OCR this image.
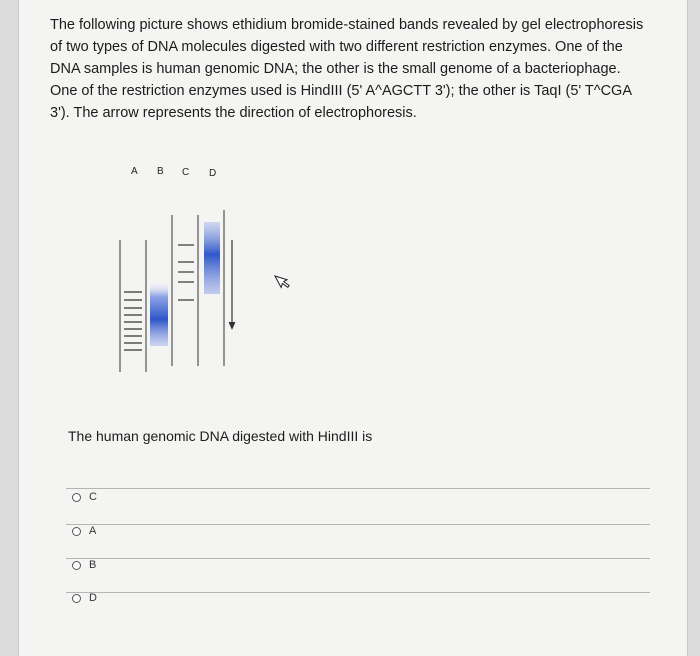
The following picture shows ethidium bromide-stained bands revealed by gel electrophoresis of two types of DNA molecules digested with two different restriction enzymes. One of the DNA samples is human genomic DNA; the other is the small genome of a bacteriophage. One of the restriction enzymes used is HindIII (5' A^AGCTT 3'); the other is TaqI (5' T^CGA 3'). The arrow represents the direction of electrophoresis.

A B C D
The human genomic DNA digested with HindIII is
C
A
B
D
